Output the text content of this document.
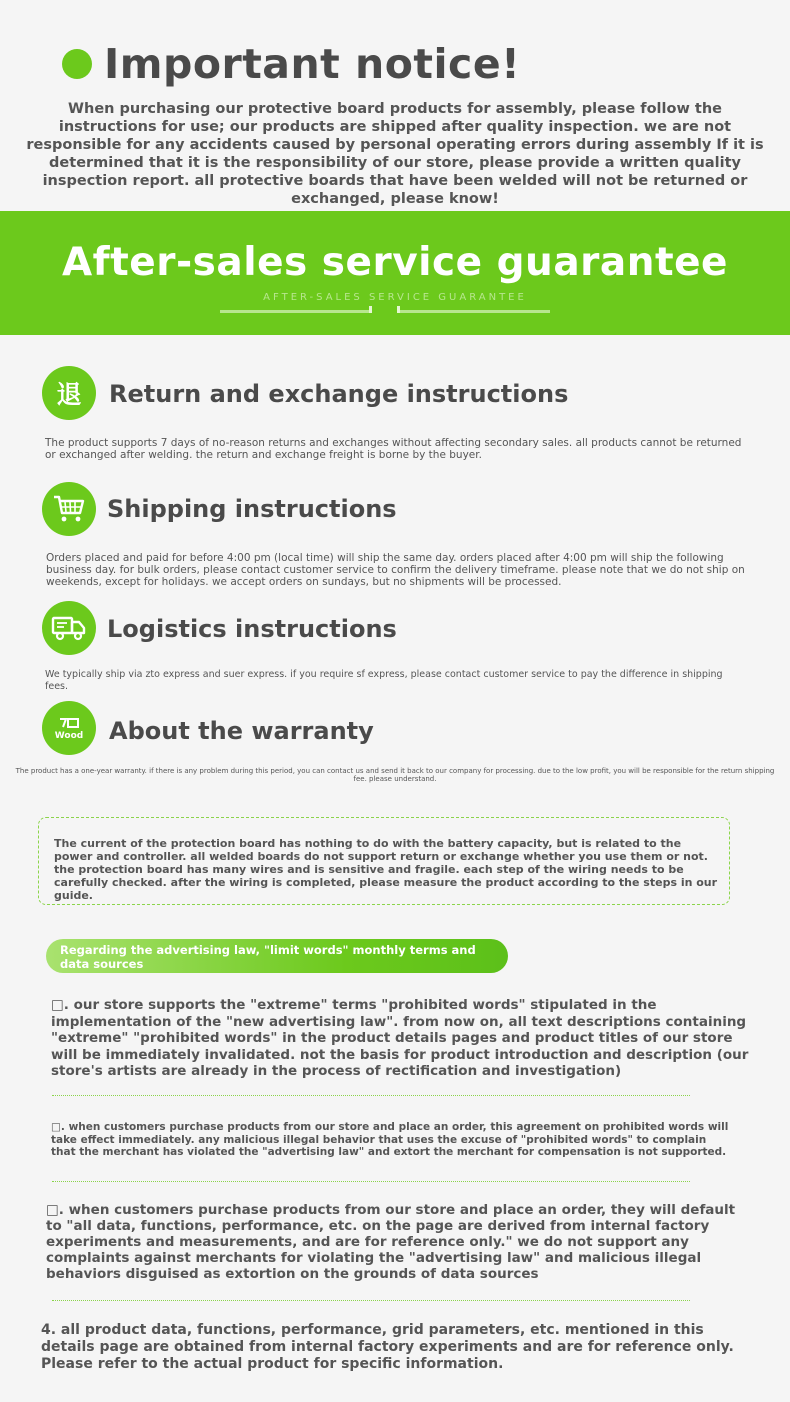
Important notice!

When purchasing our protective board products for assembly, please follow the instructions for use; our products are shipped after quality inspection. we are not responsible for any accidents caused by personal operating errors during assembly If it is determined that it is the responsibility of our store, please provide a written quality inspection report. all protective boards that have been welded will not be returned or exchanged, please know!

After-sales service guarantee
AFTER-SALES SERVICE GUARANTEE
退 Return and exchange instructions

The product supports 7 days of no-reason returns and exchanges without affecting secondary sales. all products cannot be returned or exchanged after welding. the return and exchange freight is borne by the buyer.

Shipping instructions

Orders placed and paid for before 4:00 pm (local time) will ship the same day. orders placed after 4:00 pm will ship the following business day. for bulk orders, please contact customer service to confirm the delivery timeframe. please note that we do not ship on weekends, except for holidays. we accept orders on sundays, but no shipments will be processed.

Logistics instructions

We typically ship via zto express and suer express. if you require sf express, please contact customer service to pay the difference in shipping fees.

Wood About the warranty

The product has a one-year warranty. if there is any problem during this period, you can contact us and send it back to our company for processing. due to the low profit, you will be responsible for the return shipping fee. please understand.

The current of the protection board has nothing to do with the battery capacity, but is related to the power and controller. all welded boards do not support return or exchange whether you use them or not. the protection board has many wires and is sensitive and fragile. each step of the wiring needs to be carefully checked. after the wiring is completed, please measure the product according to the steps in our guide.

Regarding the advertising law, "limit words" monthly terms and data sources

□. our store supports the "extreme" terms "prohibited words" stipulated in the implementation of the "new advertising law". from now on, all text descriptions containing "extreme" "prohibited words" in the product details pages and product titles of our store will be immediately invalidated. not the basis for product introduction and description (our store's artists are already in the process of rectification and investigation)

□. when customers purchase products from our store and place an order, this agreement on prohibited words will take effect immediately. any malicious illegal behavior that uses the excuse of "prohibited words" to complain that the merchant has violated the "advertising law" and extort the merchant for compensation is not supported.

□. when customers purchase products from our store and place an order, they will default to "all data, functions, performance, etc. on the page are derived from internal factory experiments and measurements, and are for reference only." we do not support any complaints against merchants for violating the "advertising law" and malicious illegal behaviors disguised as extortion on the grounds of data sources

4. all product data, functions, performance, grid parameters, etc. mentioned in this details page are obtained from internal factory experiments and are for reference only. Please refer to the actual product for specific information.
